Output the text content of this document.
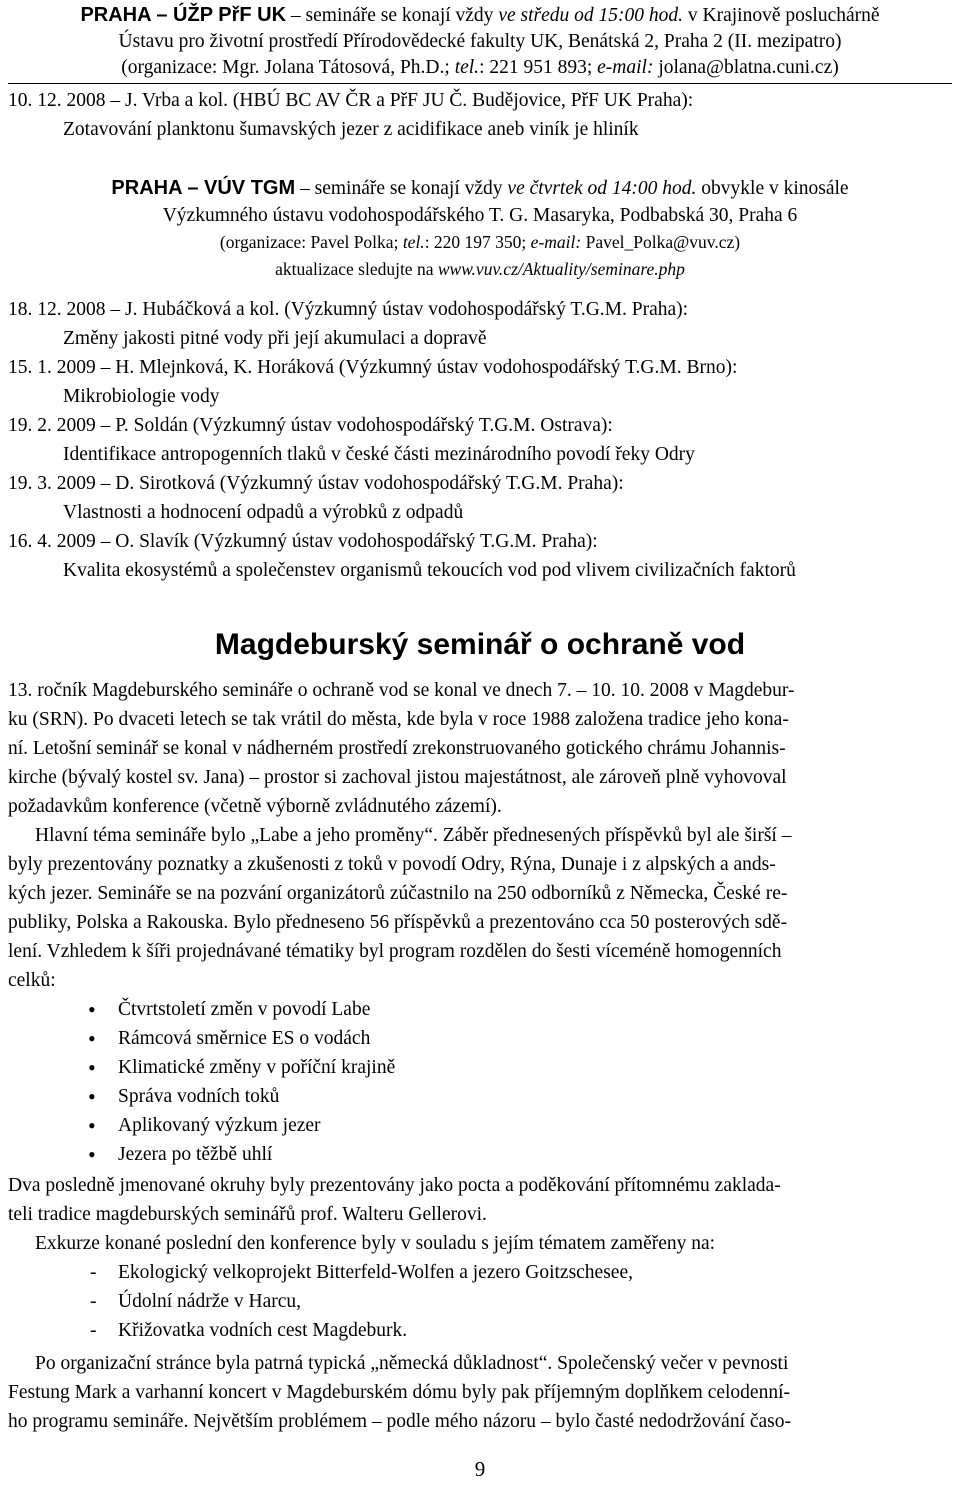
PRAHA – ÚŽP PřF UK – semináře se konají vždy ve středu od 15:00 hod. v Krajinově posluchárně
Ústavu pro životní prostředí Přírodovědecké fakulty UK, Benátská 2, Praha 2 (II. mezipatro)
(organizace: Mgr. Jolana Tátosová, Ph.D.; tel.: 221 951 893; e-mail: jolana@blatna.cuni.cz)
10. 12. 2008 – J. Vrba a kol. (HBÚ BC AV ČR a PřF JU Č. Budějovice, PřF UK Praha):
Zotavování planktonu šumavských jezer z acidifikace aneb viník je hliník
PRAHA – VÚV TGM – semináře se konají vždy ve čtvrtek od 14:00 hod. obvykle v kinosále
Výzkumného ústavu vodohospodářského T. G. Masaryka, Podbabská 30, Praha 6
(organizace: Pavel Polka; tel.: 220 197 350; e-mail: Pavel_Polka@vuv.cz)
aktualizace sledujte na www.vuv.cz/Aktuality/seminare.php
18. 12. 2008 – J. Hubáčková a kol. (Výzkumný ústav vodohospodářský T.G.M. Praha):
Změny jakosti pitné vody při její akumulaci a dopravě
15. 1. 2009 – H. Mlejnková, K. Horáková (Výzkumný ústav vodohospodářský T.G.M. Brno):
Mikrobiologie vody
19. 2. 2009 – P. Soldán (Výzkumný ústav vodohospodářský T.G.M. Ostrava):
Identifikace antropogenních tlaků v české části mezinárodního povodí řeky Odry
19. 3. 2009 – D. Sirotková (Výzkumný ústav vodohospodářský T.G.M. Praha):
Vlastnosti a hodnocení odpadů a výrobků z odpadů
16. 4. 2009 – O. Slavík (Výzkumný ústav vodohospodářský T.G.M. Praha):
Kvalita ekosystémů a společenstev organismů tekoucích vod pod vlivem civilizačních faktorů
Magdeburský seminář o ochraně vod
13. ročník Magdeburského semináře o ochraně vod se konal ve dnech 7. – 10. 10. 2008 v Magdebur-
ku (SRN). Po dvaceti letech se tak vrátil do města, kde byla v roce 1988 založena tradice jeho kona-
ní. Letošní seminář se konal v nádherném prostředí zrekonstruovaného gotického chrámu Johannis-
kirche (bývalý kostel sv. Jana) – prostor si zachoval jistou majestátnost, ale zároveň plně vyhovoval
požadavkům konference (včetně výborně zvládnutého zázemí).
Hlavní téma semináře bylo „Labe a jeho proměny“. Záběr přednesených příspěvků byl ale širší –
byly prezentovány poznatky a zkušenosti z toků v povodí Odry, Rýna, Dunaje i z alpských a ands-
kých jezer. Semináře se na pozvání organizátorů zúčastnilo na 250 odborníků z Německa, České re-
publiky, Polska a Rakouska. Bylo předneseno 56 příspěvků a prezentováno cca 50 posterových sdě-
lení. Vzhledem k šíři projednávané tématiky byl program rozdělen do šesti víceméně homogenních
celků:
• Čtvrtstoletí změn v povodí Labe
• Rámcová směrnice ES o vodách
• Klimatické změny v poříční krajině
• Správa vodních toků
• Aplikovaný výzkum jezer
• Jezera po těžbě uhlí
Dva posledně jmenované okruhy byly prezentovány jako pocta a poděkování přítomnému zaklada-
teli tradice magdeburských seminářů prof. Walteru Gellerovi.
Exkurze konané poslední den konference byly v souladu s jejím tématem zaměřeny na:
- Ekologický velkoprojekt Bitterfeld-Wolfen a jezero Goitzschesee,
- Údolní nádrže v Harcu,
- Křižovatka vodních cest Magdeburk.
Po organizační stránce byla patrná typická „německá důkladnost“. Společenský večer v pevnosti
Festung Mark a varhanní koncert v Magdeburském dómu byly pak příjemným doplňkem celodenní-
ho programu semináře. Největším problémem – podle mého názoru – bylo časté nedodržování časo-
9
